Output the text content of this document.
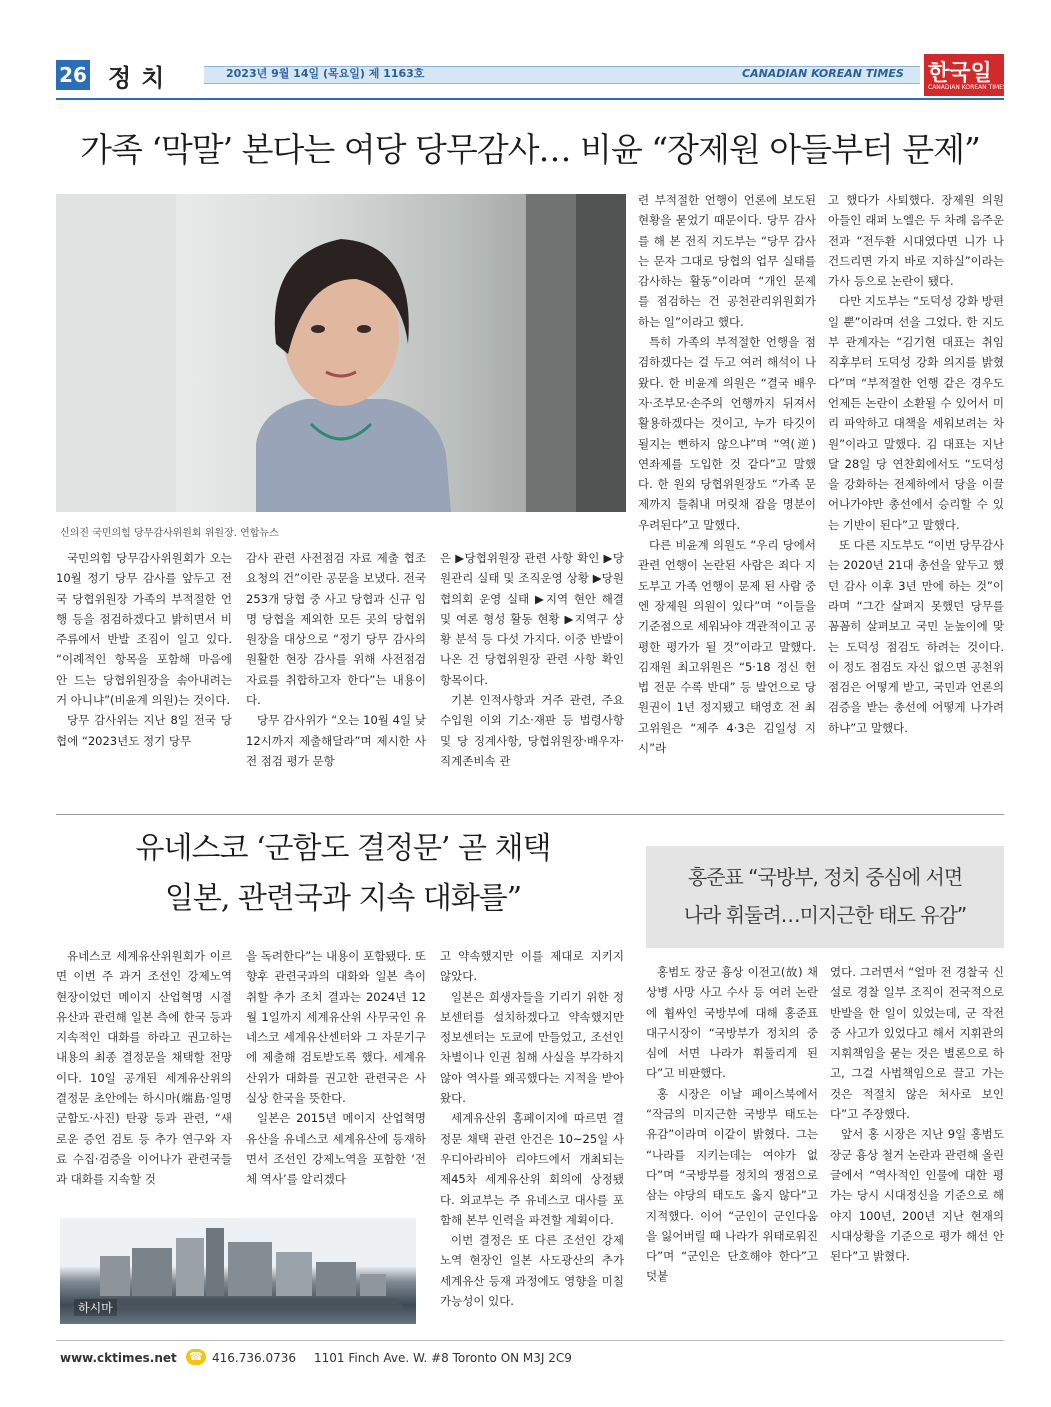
26 정치	2023년 9월 14일 (목요일) 제 1163호	CANADIAN KOREAN TIMES 한국일
CANADIAN KOREAN TIMES
가족 ‘막말’ 본다는 여당 당무감사… 비윤 “장제원 아들부터 문제”
신의진 국민의힘 당무감사위원회 위원장. 연합뉴스

국민의힘 당무감사위원회가 오는 10월 정기 당무 감사를 앞두고 전국 당협위원장 가족의 부적절한 언행 등을 점검하겠다고 밝히면서 비주류에서 반발 조짐이 일고 있다. “이례적인 항목을 포함해 마음에 안 드는 당협위원장을 솎아내려는 거 아니냐”(비윤계 의원)는 것이다.

당무 감사위는 지난 8일 전국 당협에 “2023년도 정기 당무

감사 관련 사전점검 자료 제출 협조 요청의 건”이란 공문을 보냈다. 전국 253개 당협 중 사고 당협과 신규 임명 당협을 제외한 모든 곳의 당협위원장을 대상으로 “정기 당무 감사의 원활한 현장 감사를 위해 사전점검 자료를 취합하고자 한다”는 내용이다.

당무 감사위가 “오는 10월 4일 낮 12시까지 제출해달라”며 제시한 사전 점검 평가 문항

은 ▶당협위원장 관련 사항 확인 ▶당원관리 실태 및 조직운영 상황 ▶당원협의회 운영 실태 ▶지역 현안 해결 및 여론 형성 활동 현황 ▶지역구 상황 분석 등 다섯 가지다. 이중 반발이 나온 건 당협위원장 관련 사항 확인 항목이다.

기본 인적사항과 거주 관련, 주요 수입원 이외 기소·재판 등 법령사항 및 당 징계사항, 당협위원장·배우자·직계존비속 관

련 부적절한 언행이 언론에 보도된 현황을 묻었기 때문이다. 당무 감사를 해 본 전직 지도부는 “당무 감사는 문자 그대로 당협의 업무 실태를 감사하는 활동”이라며 “개인 문제를 점검하는 건 공천관리위원회가 하는 일”이라고 했다.

특히 가족의 부적절한 언행을 점검하겠다는 걸 두고 여러 해석이 나왔다. 한 비윤계 의원은 “결국 배우자·조부모·손주의 언행까지 뒤져서 활용하겠다는 것이고, 누가 타깃이 될지는 뻔하지 않으냐”며 “역(逆) 연좌제를 도입한 것 같다”고 말했다. 한 원외 당협위원장도 “가족 문제까지 들춰내 머릿채 잡을 명분이 우려된다”고 말했다.

다른 비윤계 의원도 “우리 당에서 관련 언행이 논란된 사람은 죄다 지도부고 가족 언행이 문제 된 사람 중엔 장제원 의원이 있다”며 “이들을 기준점으로 세워놔야 객관적이고 공평한 평가가 될 것”이라고 말했다. 김재원 최고위원은 “5·18 정신 헌법 전문 수록 반대” 등 발언으로 당원권이 1년 정지됐고 태영호 전 최고위원은 “제주 4·3은 김일성 지시”라

고 했다가 사퇴했다. 장제원 의원 아들인 래퍼 노엘은 두 차례 음주운전과 “전두환 시대였다면 니가 나 건드리면 가지 바로 지하실”이라는 가사 등으로 논란이 됐다.

다만 지도부는 “도덕성 강화 방편일 뿐”이라며 선을 그었다. 한 지도부 관계자는 “김기현 대표는 취임 직후부터 도덕성 강화 의지를 밝혔다”며 “부적절한 언행 같은 경우도 언제든 논란이 소환될 수 있어서 미리 파악하고 대책을 세워보려는 차원”이라고 말했다. 김 대표는 지난달 28일 당 연찬회에서도 “도덕성을 강화하는 전제하에서 당을 이끌어나가야만 총선에서 승리할 수 있는 기반이 된다”고 말했다.

또 다른 지도부도 “이번 당무감사는 2020년 21대 총선을 앞두고 했던 감사 이후 3년 만에 하는 것”이라며 “그간 살펴지 못했던 당무를 꼼꼼히 살펴보고 국민 눈높이에 맞는 도덕성 점검도 하려는 것이다. 이 정도 점검도 자신 없으면 공천위 점검은 어떻게 받고, 국민과 언론의 검증을 받는 총선에 어떻게 나가려 하냐”고 말했다.

유네스코 ‘군함도 결정문’ 곧 채택
일본, 관련국과 지속 대화를”

유네스코 세계유산위원회가 이르면 이번 주 과거 조선인 강제노역 현장이었던 메이지 산업혁명 시절 유산과 관련해 일본 측에 한국 등과 지속적인 대화를 하라고 권고하는 내용의 최종 결정문을 채택할 전망이다. 10일 공개된 세계유산위의 결정문 초안에는 하시마(端島·일명 군함도·사진) 탄광 등과 관련, “새로운 증언 검토 등 추가 연구와 자료 수집·검증을 이어나가 관련국들과 대화를 지속할 것

을 독려한다”는 내용이 포함됐다. 또 향후 관련국과의 대화와 일본 측이 취할 추가 조치 결과는 2024년 12월 1일까지 세계유산위 사무국인 유네스코 세계유산센터와 그 자문기구에 제출해 검토받도록 했다. 세계유산위가 대화를 권고한 관련국은 사실상 한국을 뜻한다.

일본은 2015년 메이지 산업혁명 유산을 유네스코 세계유산에 등재하면서 조선인 강제노역을 포함한 ‘전체 역사’를 알리겠다

고 약속했지만 이를 제대로 지키지 않았다.

일본은 희생자들을 기리기 위한 정보센터를 설치하겠다고 약속했지만 정보센터는 도쿄에 만들었고, 조선인 차별이나 인권 침해 사실을 부각하지 않아 역사를 왜곡했다는 지적을 받아왔다.

세계유산위 홈페이지에 따르면 결정문 채택 관련 안건은 10~25일 사우디아라비아 리야드에서 개최되는 제45차 세계유산위 회의에 상정됐다. 외교부는 주 유네스코 대사를 포함해 본부 인력을 파견할 계획이다.

이번 결정은 또 다른 조선인 강제노역 현장인 일본 사도광산의 추가 세계유산 등재 과정에도 영향을 미칠 가능성이 있다.

하시마
홍준표 “국방부, 정치 중심에 서면
나라 휘둘려…미지근한 태도 유감”

홍범도 장군 흉상 이전고(故) 채 상병 사망 사고 수사 등 여러 논란에 휩싸인 국방부에 대해 홍준표 대구시장이 “국방부가 정치의 중심에 서면 나라가 휘둘리게 된다”고 비판했다.

홍 시장은 이날 페이스북에서 “작금의 미지근한 국방부 태도는 유감”이라며 이같이 밝혔다. 그는 “나라를 지키는데는 여야가 없다”며 “국방부를 정치의 쟁점으로 삼는 야당의 태도도 옳지 않다”고 지적했다. 이어 “군인이 군인다움을 잃어버릴 때 나라가 위태로워진다”며 “군인은 단호해야 한다”고 덧붙

였다. 그러면서 “얼마 전 경찰국 신설로 경찰 일부 조직이 전국적으로 반발을 한 일이 있었는데, 군 작전 중 사고가 있었다고 해서 지휘관의 지휘책임을 묻는 것은 별론으로 하고, 그걸 사법책임으로 끌고 가는 것은 적절치 않은 처사로 보인다”고 주장했다.

앞서 홍 시장은 지난 9일 홍범도 장군 흉상 철거 논란과 관련해 올린 글에서 “역사적인 인물에 대한 평가는 당시 시대정신을 기준으로 해야지 100년, 200년 지난 현재의 시대상황을 기준으로 평가 해선 안된다”고 밝혔다.

www.cktimes.net ☎ 416.736.0736 1101 Finch Ave. W. #8 Toronto ON M3J 2C9
